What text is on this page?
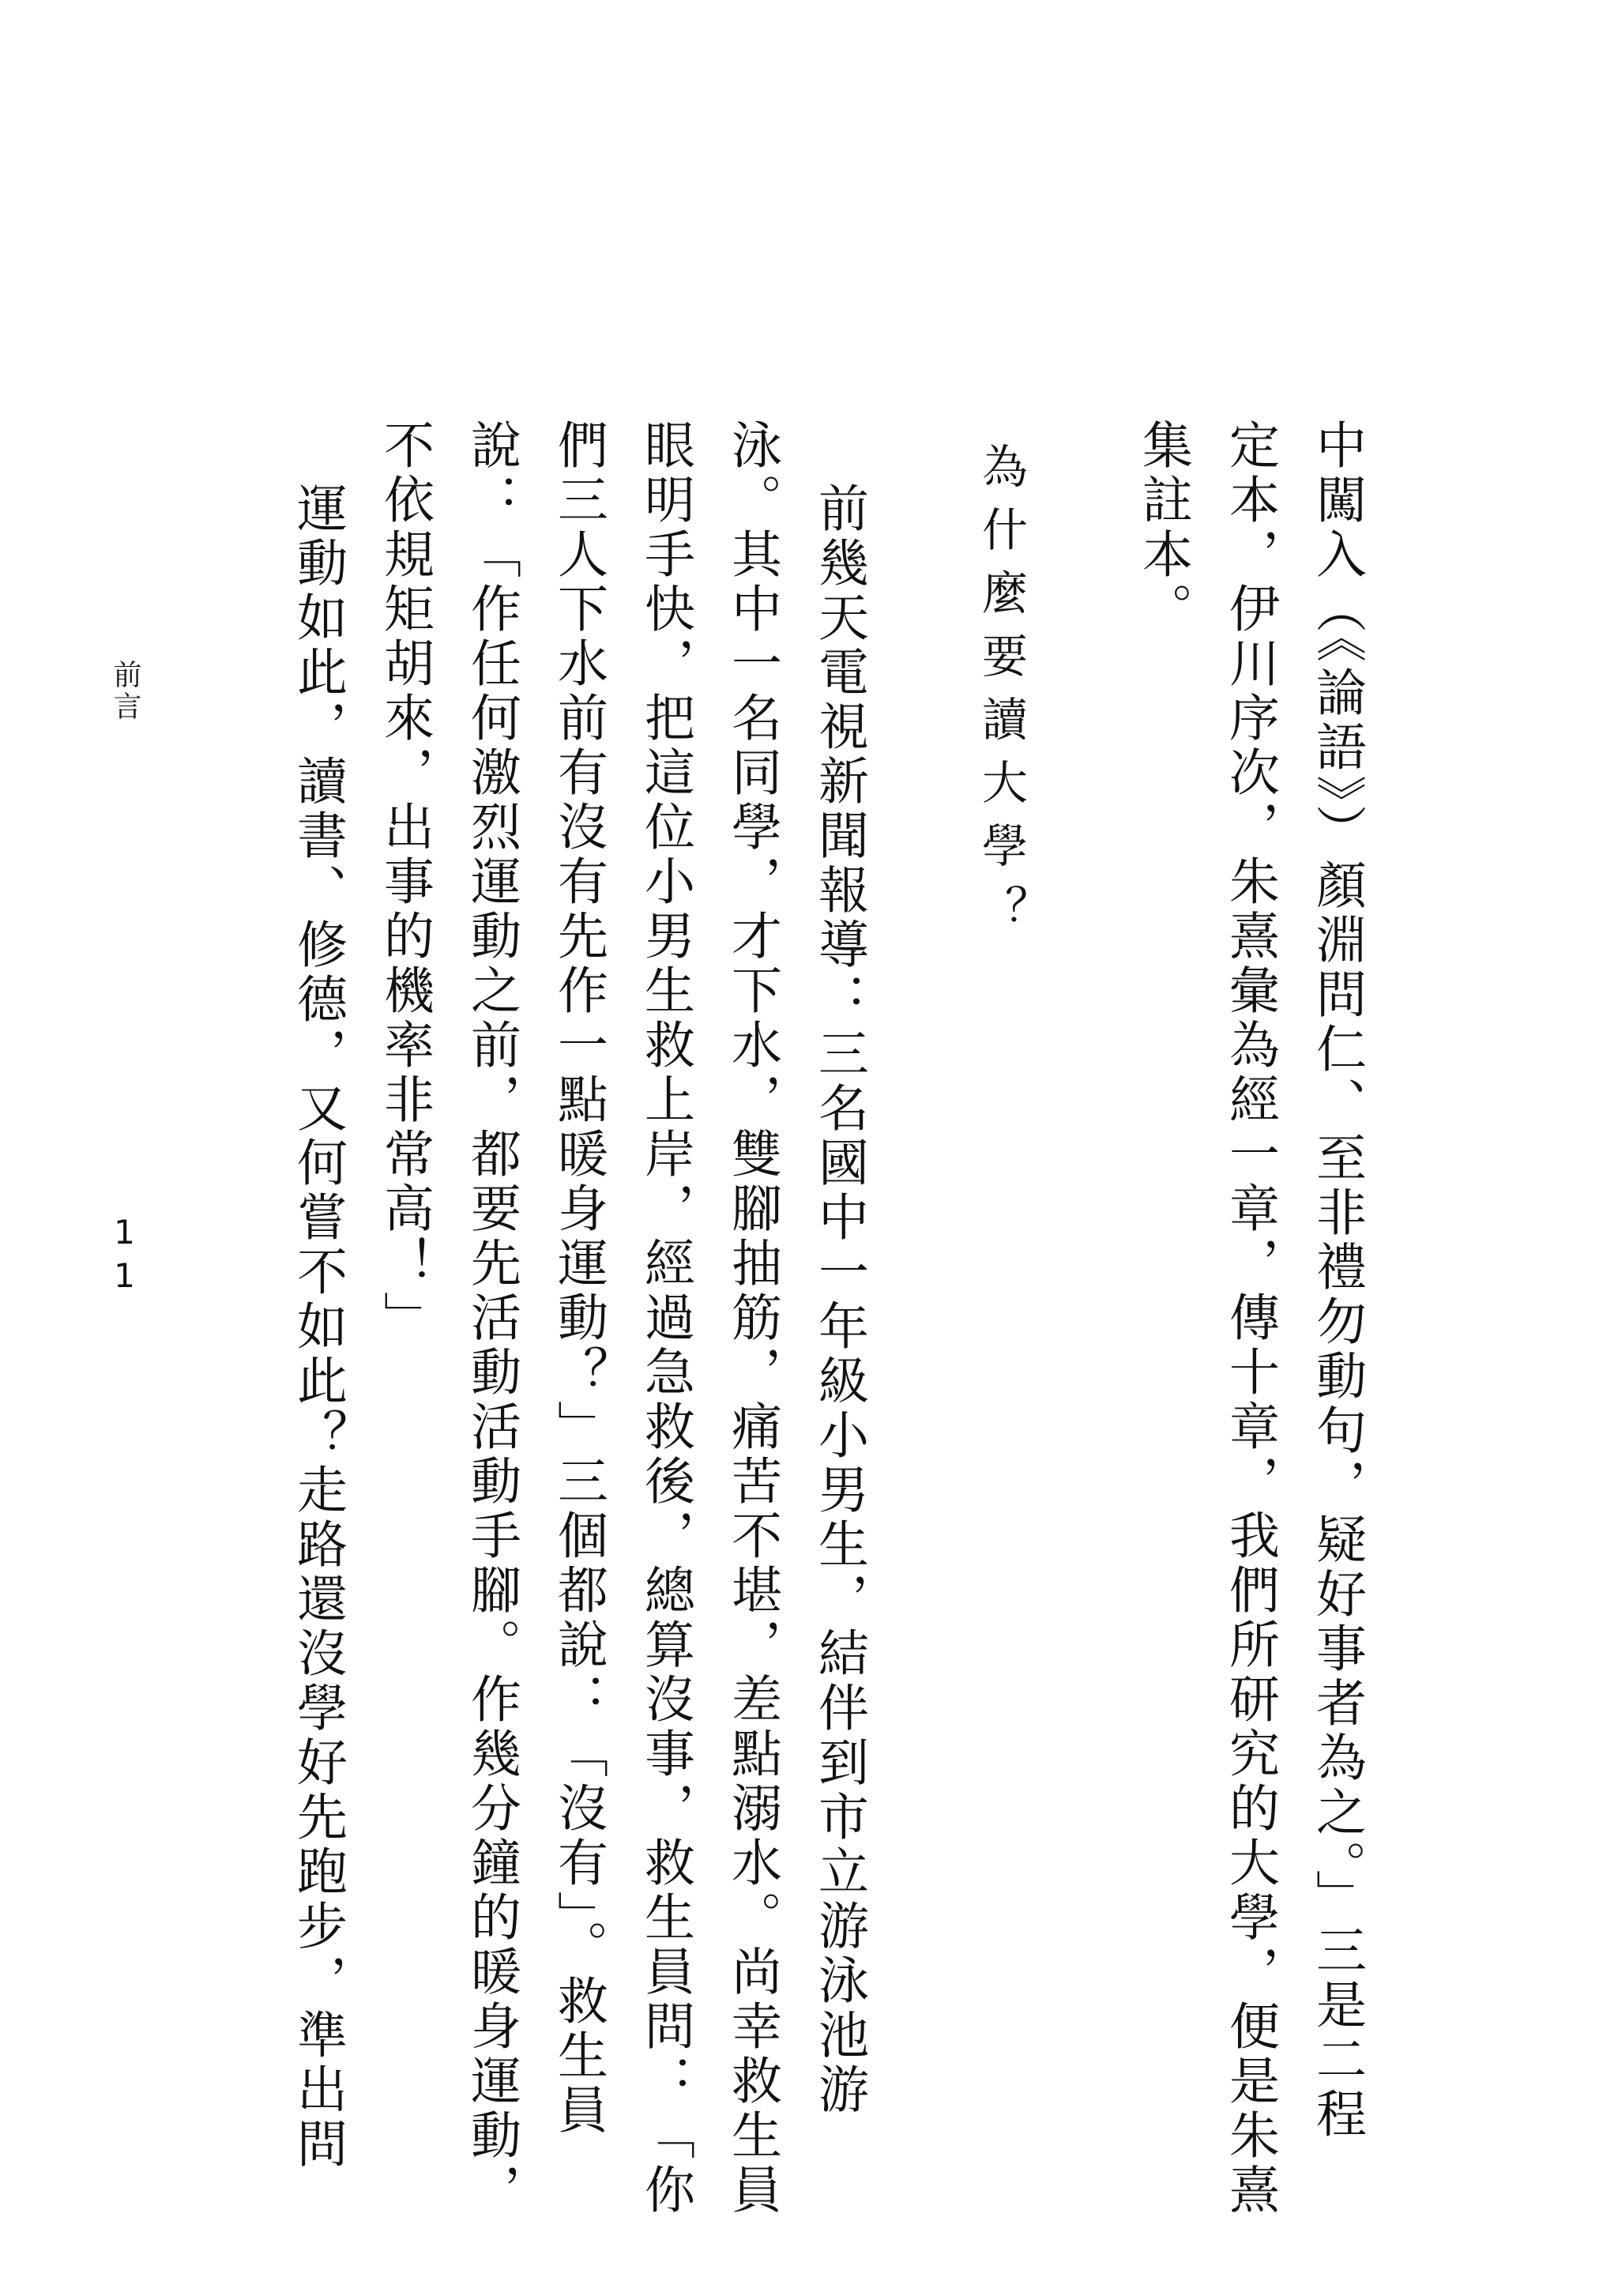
中闖入（《論語》）顏淵問仁、至非禮勿動句，疑好事者為之。」三是二程
定本，伊川序次，朱熹彙為經一章，傳十章，我們所研究的大學，便是朱熹
集註本。
為什麼要讀大學？
前幾天電視新聞報導：三名國中一年級小男生，結伴到市立游泳池游
泳。其中一名同學，才下水，雙腳抽筋，痛苦不堪，差點溺水。尚幸救生員
眼明手快，把這位小男生救上岸，經過急救後，總算沒事，救生員問：「你
們三人下水前有沒有先作一點暖身運動？」三個都說：「沒有」。救生員
說：「作任何激烈運動之前，都要先活動活動手腳。作幾分鐘的暖身運動，
不依規矩胡來，出事的機率非常高！」
運動如此，讀書、修德，又何嘗不如此？走路還沒學好先跑步，準出問
前言
11
